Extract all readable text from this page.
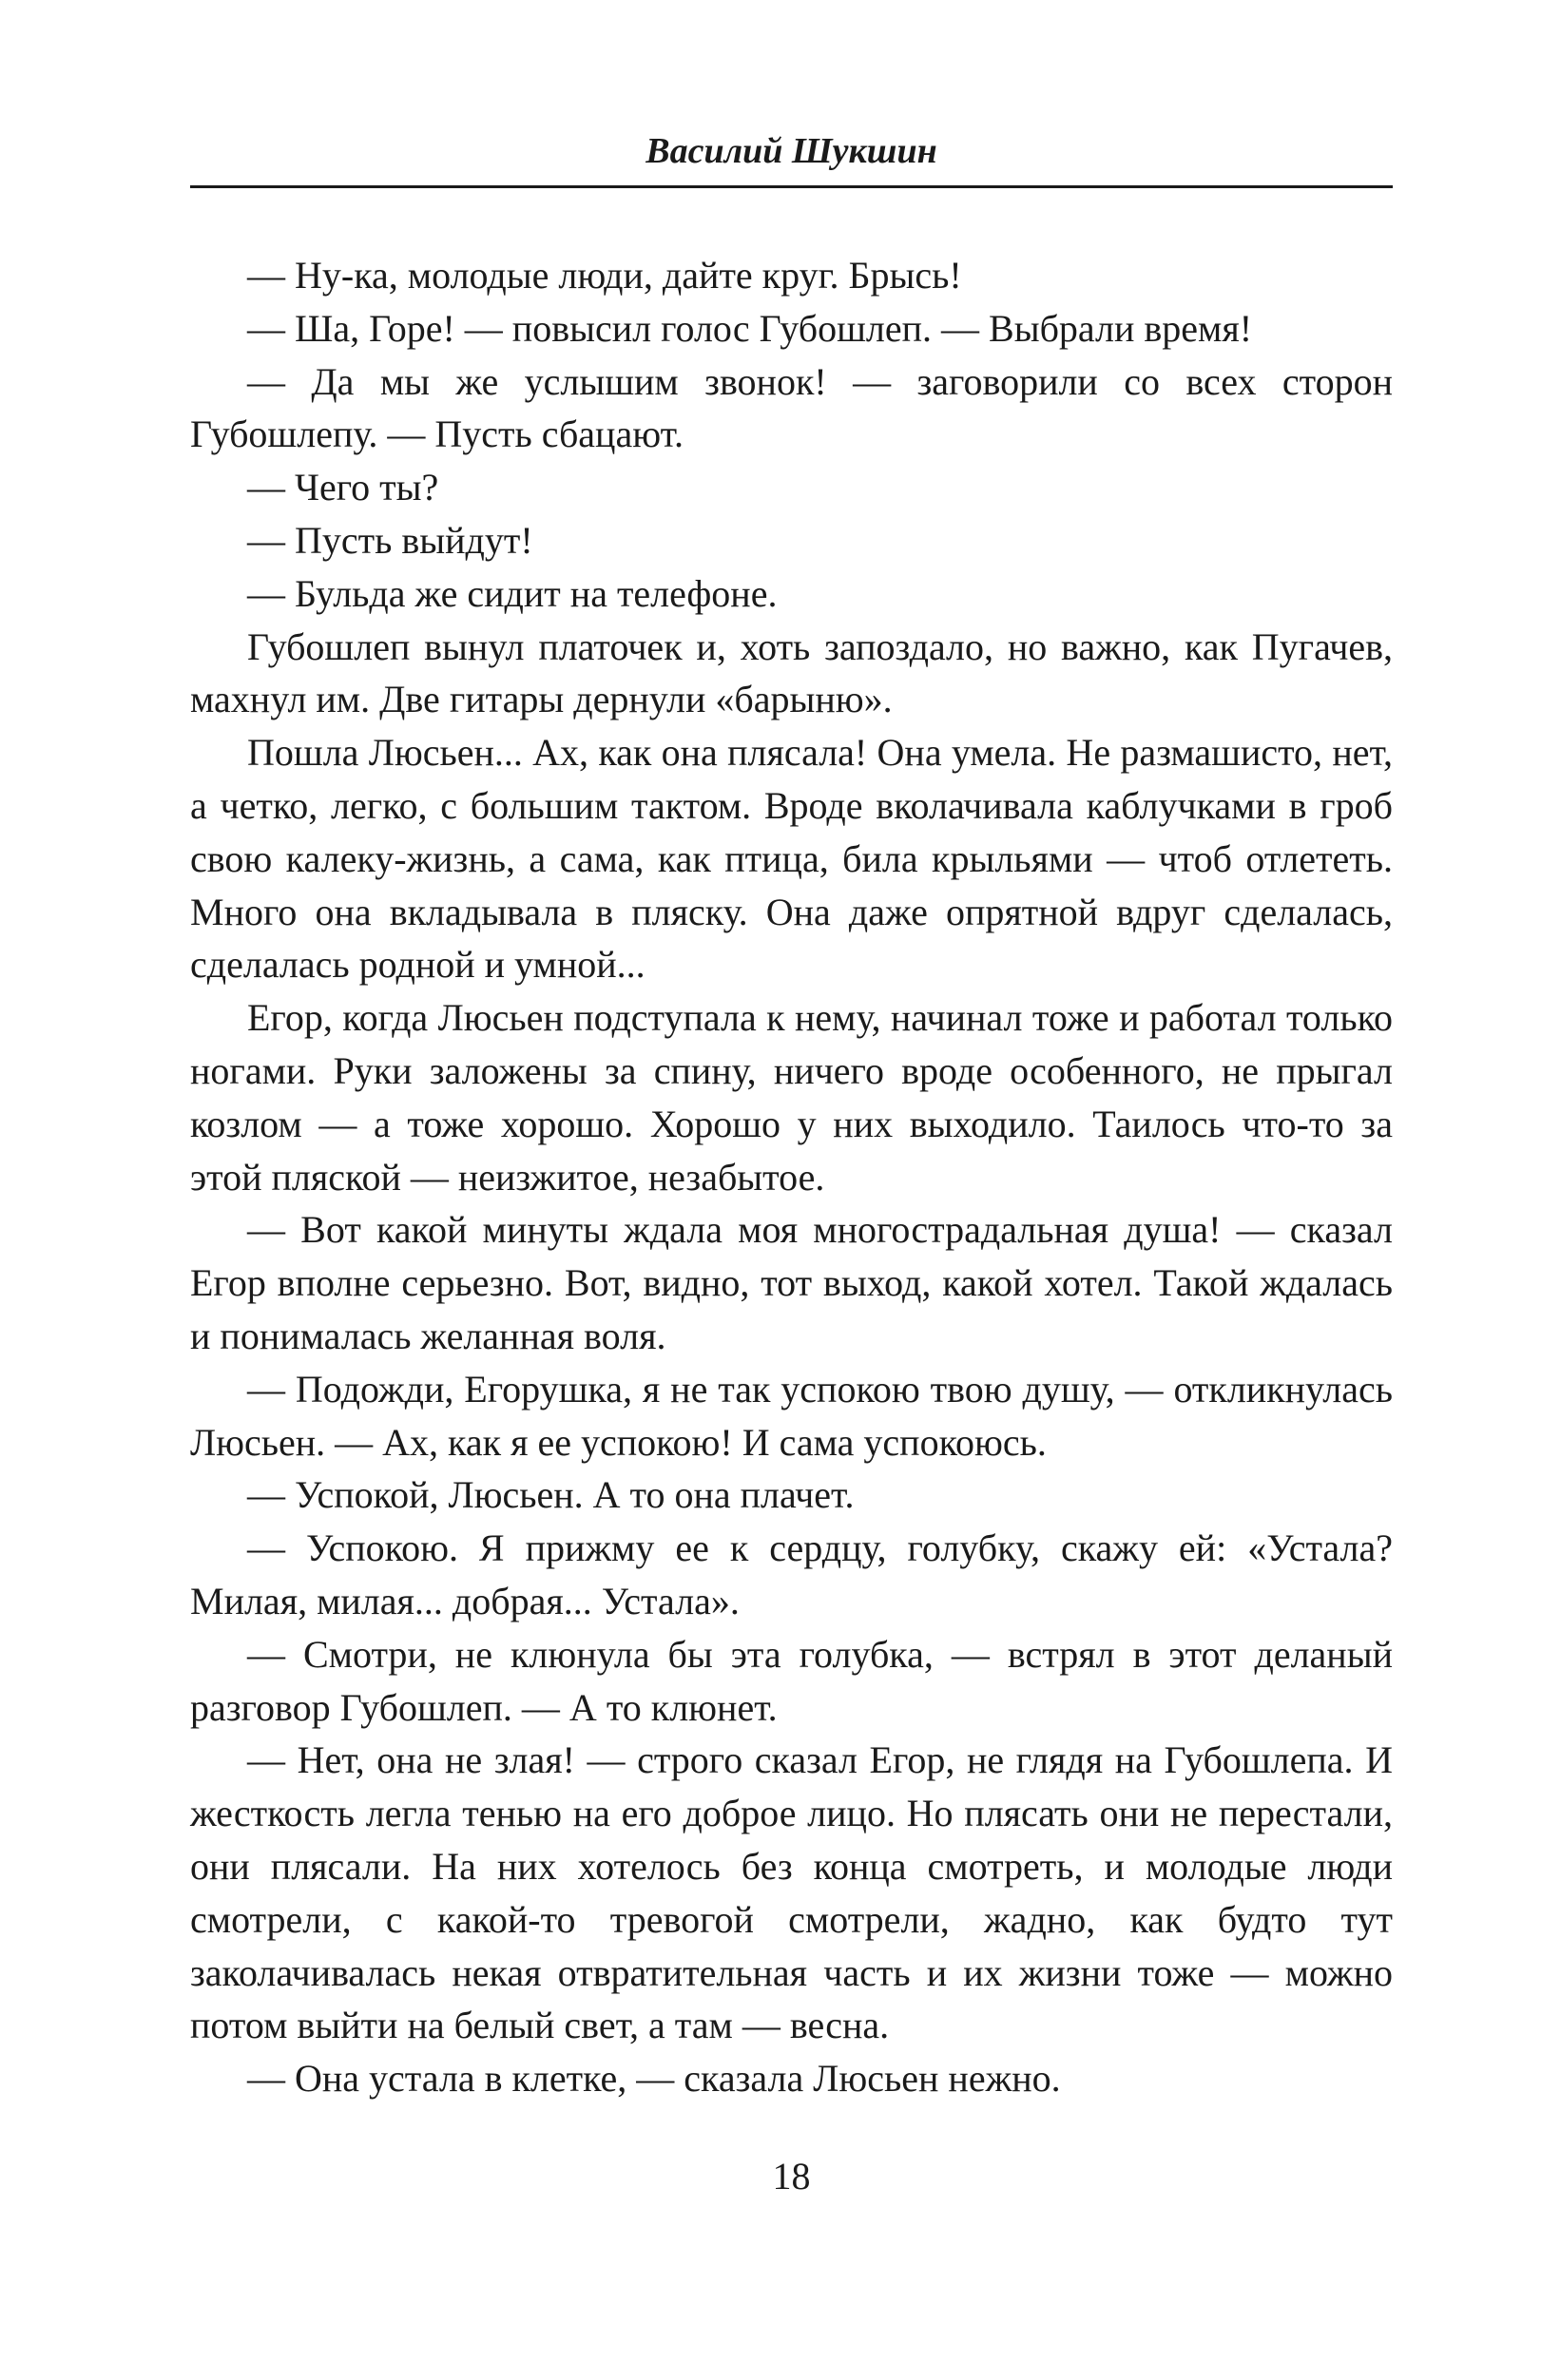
Василий Шукшин

— Ну-ка, молодые люди, дайте круг. Брысь!

— Ша, Горе! — повысил голос Губошлеп. — Выбрали время!

— Да мы же услышим звонок! — заговорили со всех сторон Губошлепу. — Пусть сбацают.

— Чего ты?

— Пусть выйдут!

— Бульда же сидит на телефоне.

Губошлеп вынул платочек и, хоть запоздало, но важно, как Пугачев, махнул им. Две гитары дернули «барыню».

Пошла Люсьен... Ах, как она плясала! Она умела. Не размашисто, нет, а четко, легко, с большим тактом. Вроде вколачивала каблучками в гроб свою калеку-жизнь, а сама, как птица, била крыльями — чтоб отлететь. Много она вкладывала в пляску. Она даже опрятной вдруг сделалась, сделалась родной и умной...

Егор, когда Люсьен подступала к нему, начинал тоже и работал только ногами. Руки заложены за спину, ничего вроде особенного, не прыгал козлом — а тоже хорошо. Хорошо у них выходило. Таилось что-то за этой пляской — неизжитое, незабытое.

— Вот какой минуты ждала моя многострадальная душа! — сказал Егор вполне серьезно. Вот, видно, тот выход, какой хотел. Такой ждалась и понималась желанная воля.

— Подожди, Егорушка, я не так успокою твою душу, — откликнулась Люсьен. — Ах, как я ее успокою! И сама успокоюсь.

— Успокой, Люсьен. А то она плачет.

— Успокою. Я прижму ее к сердцу, голубку, скажу ей: «Устала? Милая, милая... добрая... Устала».

— Смотри, не клюнула бы эта голубка, — встрял в этот деланый разговор Губошлеп. — А то клюнет.

— Нет, она не злая! — строго сказал Егор, не глядя на Губошлепа. И жесткость легла тенью на его доброе лицо. Но плясать они не перестали, они плясали. На них хотелось без конца смотреть, и молодые люди смотрели, с какой-то тревогой смотрели, жадно, как будто тут заколачивалась некая отвратительная часть и их жизни тоже — можно потом выйти на белый свет, а там — весна.

— Она устала в клетке, — сказала Люсьен нежно.

18
